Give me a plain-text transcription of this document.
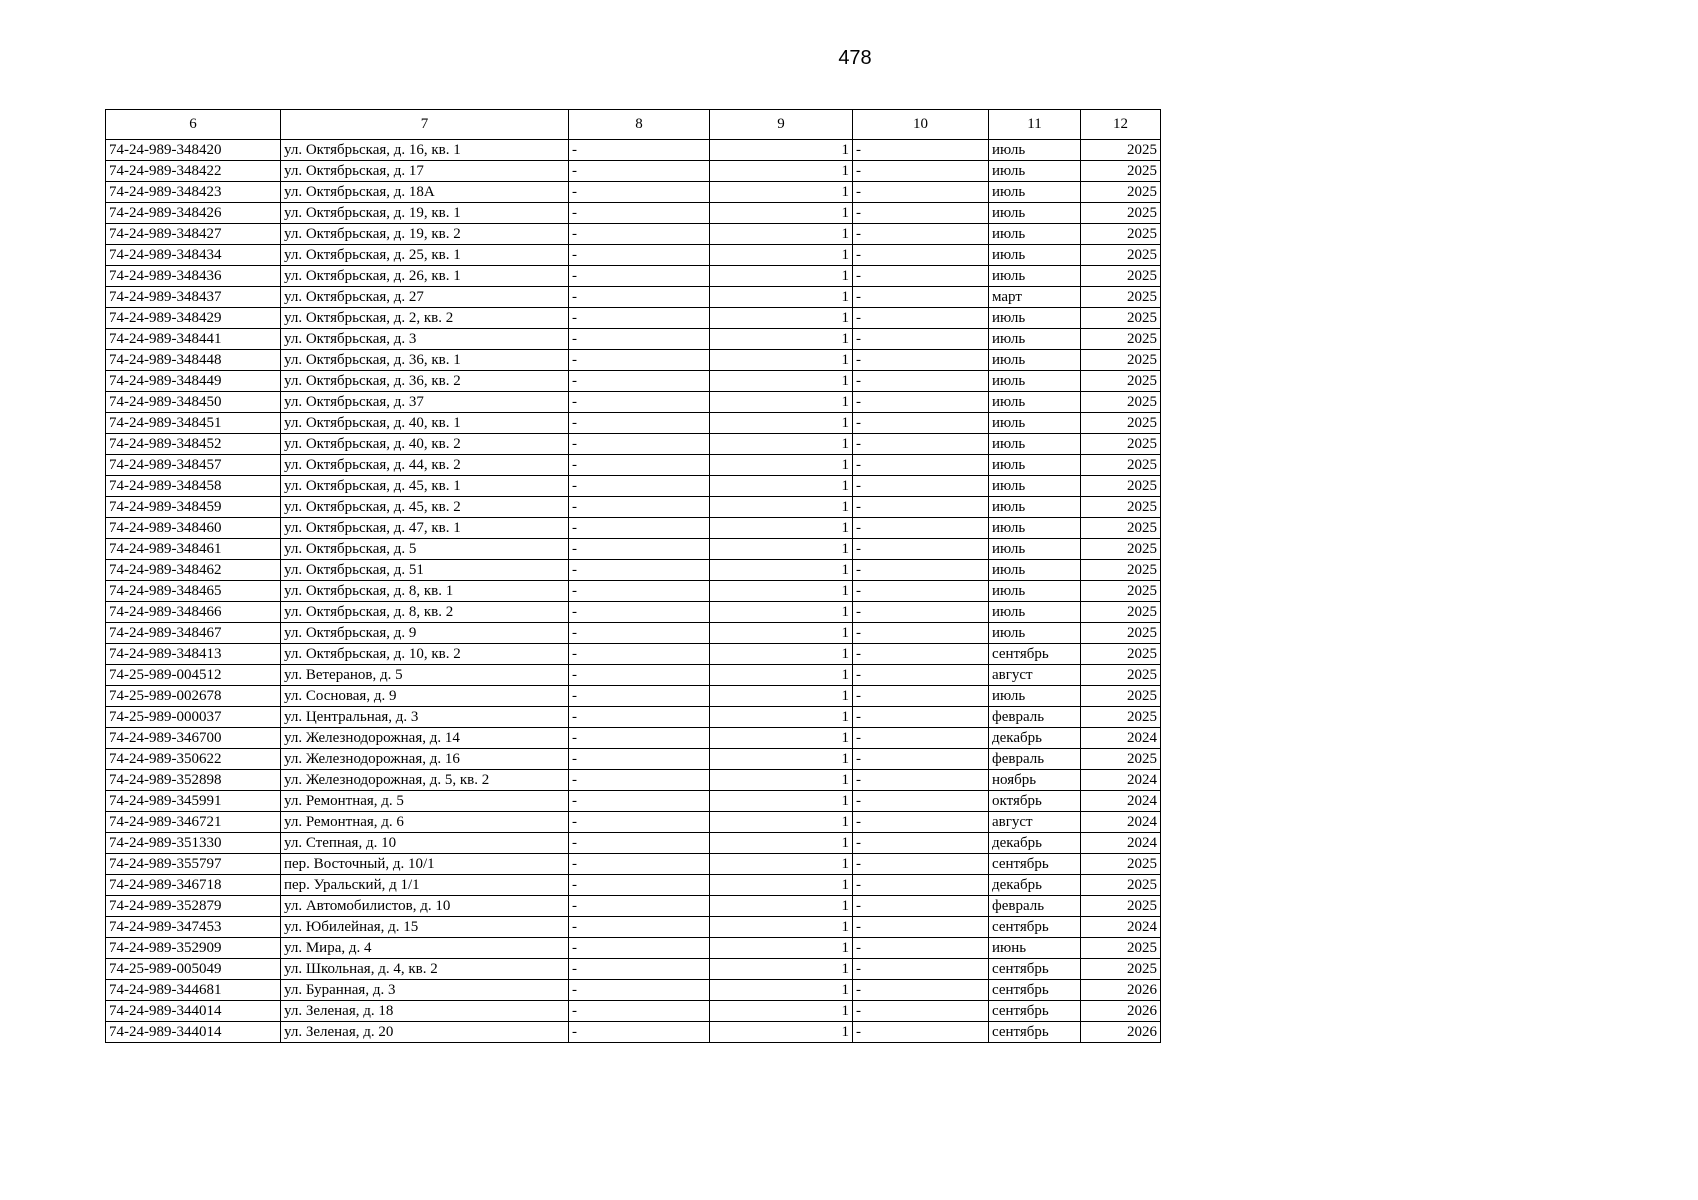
478
6	7	8	9	10	11	12
74-24-989-348420	ул. Октябрьская, д. 16, кв. 1	-	1	-	июль	2025
74-24-989-348422	ул. Октябрьская, д. 17	-	1	-	июль	2025
74-24-989-348423	ул. Октябрьская, д. 18А	-	1	-	июль	2025
74-24-989-348426	ул. Октябрьская, д. 19, кв. 1	-	1	-	июль	2025
74-24-989-348427	ул. Октябрьская, д. 19, кв. 2	-	1	-	июль	2025
74-24-989-348434	ул. Октябрьская, д. 25, кв. 1	-	1	-	июль	2025
74-24-989-348436	ул. Октябрьская, д. 26, кв. 1	-	1	-	июль	2025
74-24-989-348437	ул. Октябрьская, д. 27	-	1	-	март	2025
74-24-989-348429	ул. Октябрьская, д. 2, кв. 2	-	1	-	июль	2025
74-24-989-348441	ул. Октябрьская, д. 3	-	1	-	июль	2025
74-24-989-348448	ул. Октябрьская, д. 36, кв. 1	-	1	-	июль	2025
74-24-989-348449	ул. Октябрьская, д. 36, кв. 2	-	1	-	июль	2025
74-24-989-348450	ул. Октябрьская, д. 37	-	1	-	июль	2025
74-24-989-348451	ул. Октябрьская, д. 40, кв. 1	-	1	-	июль	2025
74-24-989-348452	ул. Октябрьская, д. 40, кв. 2	-	1	-	июль	2025
74-24-989-348457	ул. Октябрьская, д. 44, кв. 2	-	1	-	июль	2025
74-24-989-348458	ул. Октябрьская, д. 45, кв. 1	-	1	-	июль	2025
74-24-989-348459	ул. Октябрьская, д. 45, кв. 2	-	1	-	июль	2025
74-24-989-348460	ул. Октябрьская, д. 47, кв. 1	-	1	-	июль	2025
74-24-989-348461	ул. Октябрьская, д. 5	-	1	-	июль	2025
74-24-989-348462	ул. Октябрьская, д. 51	-	1	-	июль	2025
74-24-989-348465	ул. Октябрьская, д. 8, кв. 1	-	1	-	июль	2025
74-24-989-348466	ул. Октябрьская, д. 8, кв. 2	-	1	-	июль	2025
74-24-989-348467	ул. Октябрьская, д. 9	-	1	-	июль	2025
74-24-989-348413	ул. Октябрьская, д. 10, кв. 2	-	1	-	сентябрь	2025
74-25-989-004512	ул. Ветеранов, д. 5	-	1	-	август	2025
74-25-989-002678	ул. Сосновая, д. 9	-	1	-	июль	2025
74-25-989-000037	ул. Центральная, д. 3	-	1	-	февраль	2025
74-24-989-346700	ул. Железнодорожная, д. 14	-	1	-	декабрь	2024
74-24-989-350622	ул. Железнодорожная, д. 16	-	1	-	февраль	2025
74-24-989-352898	ул. Железнодорожная, д. 5, кв. 2	-	1	-	ноябрь	2024
74-24-989-345991	ул. Ремонтная, д. 5	-	1	-	октябрь	2024
74-24-989-346721	ул. Ремонтная, д. 6	-	1	-	август	2024
74-24-989-351330	ул. Степная, д. 10	-	1	-	декабрь	2024
74-24-989-355797	пер. Восточный, д. 10/1	-	1	-	сентябрь	2025
74-24-989-346718	пер. Уральский, д 1/1	-	1	-	декабрь	2025
74-24-989-352879	ул. Автомобилистов, д. 10	-	1	-	февраль	2025
74-24-989-347453	ул. Юбилейная, д. 15	-	1	-	сентябрь	2024
74-24-989-352909	ул. Мира, д. 4	-	1	-	июнь	2025
74-25-989-005049	ул. Школьная, д. 4, кв. 2	-	1	-	сентябрь	2025
74-24-989-344681	ул. Буранная, д. 3	-	1	-	сентябрь	2026
74-24-989-344014	ул. Зеленая, д. 18	-	1	-	сентябрь	2026
74-24-989-344014	ул. Зеленая, д. 20	-	1	-	сентябрь	2026
